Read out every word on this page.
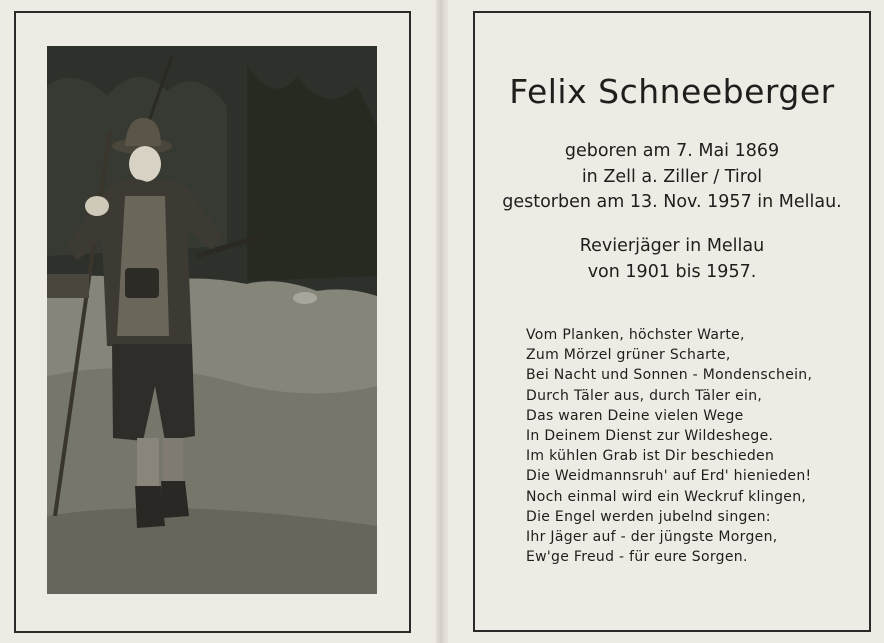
Felix Schneeberger
geboren am 7. Mai 1869
in Zell a. Ziller / Tirol
gestorben am 13. Nov. 1957 in Mellau.
Revierjäger in Mellau
von 1901 bis 1957.
Vom Planken, höchster Warte,
Zum Mörzel grüner Scharte,
Bei Nacht und Sonnen - Mondenschein,
Durch Täler aus, durch Täler ein,
Das waren Deine vielen Wege
In Deinem Dienst zur Wildeshege.
Im kühlen Grab ist Dir beschieden
Die Weidmannsruh' auf Erd' hienieden!
Noch einmal wird ein Weckruf klingen,
Die Engel werden jubelnd singen:
Ihr Jäger auf - der jüngste Morgen,
Ew'ge Freud - für eure Sorgen.
